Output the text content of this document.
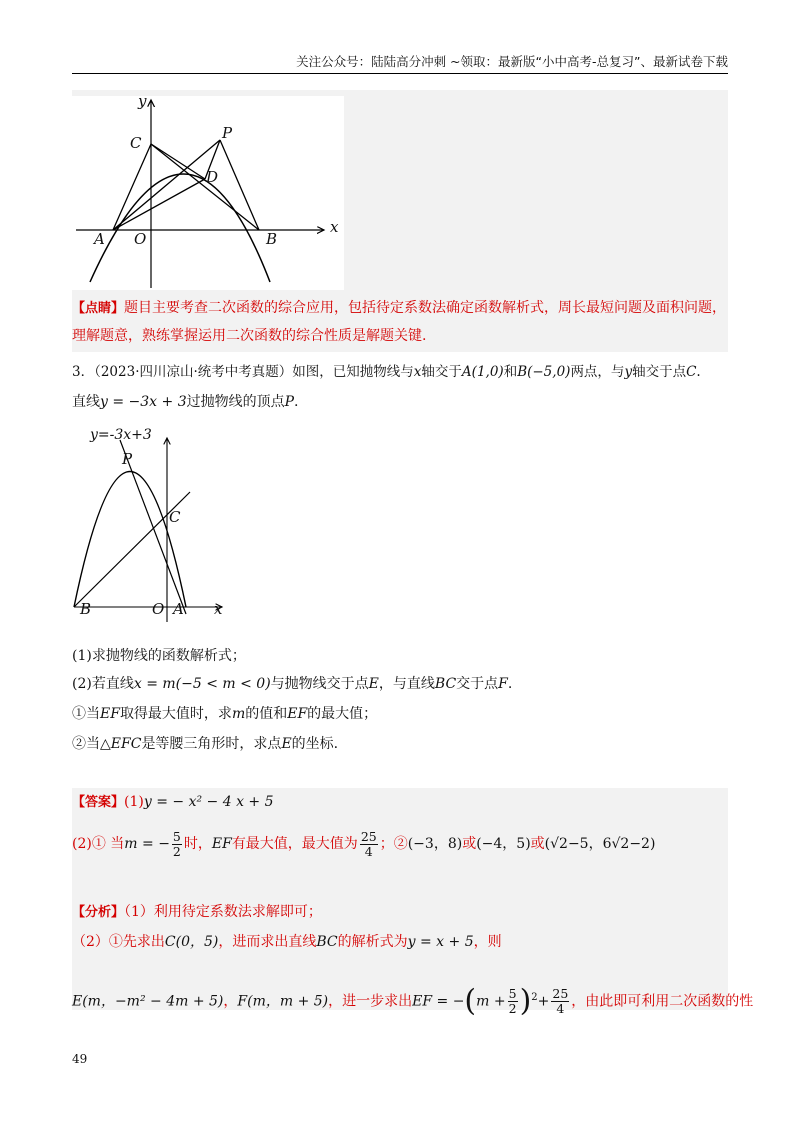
关注公众号：陆陆高分冲刺 ~领取：最新版“小中高考-总复习”、最新试卷下载
y
x
C
P
D
A O	B
【点睛】题目主要考查二次函数的综合应用，包括待定系数法确定函数解析式，周长最短问题及面积问题，
理解题意，熟练掌握运用二次函数的综合性质是解题关键.
3．（2023·四川凉山·统考中考真题）如图，已知抛物线与x轴交于A(1,0)和B(−5,0)两点，与y轴交于点C.
直线y = −3x + 3过抛物线的顶点P.
y=-3x+3
P
C
B	O A x
(1)求抛物线的函数解析式；
(2)若直线x = m(−5 < m < 0)与抛物线交于点E，与直线BC交于点F.
①当EF取得最大值时，求m的值和EF的最大值；
②当△EFC是等腰三角形时，求点E的坐标.
【答案】(1)y = − x² − 4 x + 5
(2)① 当m = − $\frac{5}{2}$ 时，EF有最大值，最大值为 $\frac{25}{4}$ ；②(−3，8)或(−4，5)或(√2−5，6√2−2)
【分析】（1）利用待定系数法求解即可；
（2）①先求出C(0，5)，进而求出直线BC的解析式为y = x + 5，则
E(m，−m² − 4m + 5)，F(m，m + 5)，进一步求出EF = $-(m + \frac{5}{2} )^2+ \frac{25}{4}$ ，由此即可利用二次函数的性
49
